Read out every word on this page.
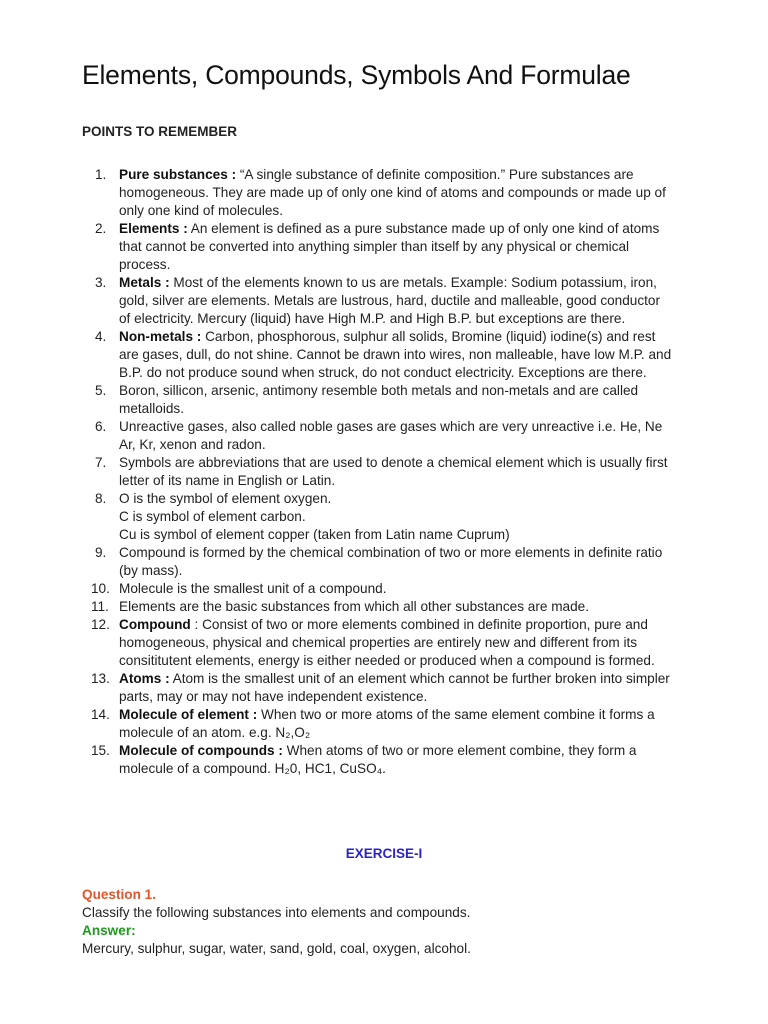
Elements, Compounds, Symbols And Formulae
POINTS TO REMEMBER
1. Pure substances : “A single substance of definite composition.” Pure substances are homogeneous. They are made up of only one kind of atoms and compounds or made up of only one kind of molecules.
2. Elements : An element is defined as a pure substance made up of only one kind of atoms that cannot be converted into anything simpler than itself by any physical or chemical process.
3. Metals : Most of the elements known to us are metals. Example: Sodium potassium, iron, gold, silver are elements. Metals are lustrous, hard, ductile and malleable, good conductor of electricity. Mercury (liquid) have High M.P. and High B.P. but exceptions are there.
4. Non-metals : Carbon, phosphorous, sulphur all solids, Bromine (liquid) iodine(s) and rest are gases, dull, do not shine. Cannot be drawn into wires, non malleable, have low M.P. and B.P. do not produce sound when struck, do not conduct electricity. Exceptions are there.
5. Boron, sillicon, arsenic, antimony resemble both metals and non-metals and are called metalloids.
6. Unreactive gases, also called noble gases are gases which are very unreactive i.e. He, Ne Ar, Kr, xenon and radon.
7. Symbols are abbreviations that are used to denote a chemical element which is usually first letter of its name in English or Latin.
8. O is the symbol of element oxygen.
C is symbol of element carbon.
Cu is symbol of element copper (taken from Latin name Cuprum)
9. Compound is formed by the chemical combination of two or more elements in definite ratio (by mass).
10. Molecule is the smallest unit of a compound.
11. Elements are the basic substances from which all other substances are made.
12. Compound : Consist of two or more elements combined in definite proportion, pure and homogeneous, physical and chemical properties are entirely new and different from its consititutent elements, energy is either needed or produced when a compound is formed.
13. Atoms : Atom is the smallest unit of an element which cannot be further broken into simpler parts, may or may not have independent existence.
14. Molecule of element : When two or more atoms of the same element combine it forms a molecule of an atom. e.g. N₂,O₂
15. Molecule of compounds : When atoms of two or more element combine, they form a molecule of a compound. H₂0, HC1, CuSO₄.
EXERCISE-I
Question 1.
Classify the following substances into elements and compounds.
Answer:
Mercury, sulphur, sugar, water, sand, gold, coal, oxygen, alcohol.
